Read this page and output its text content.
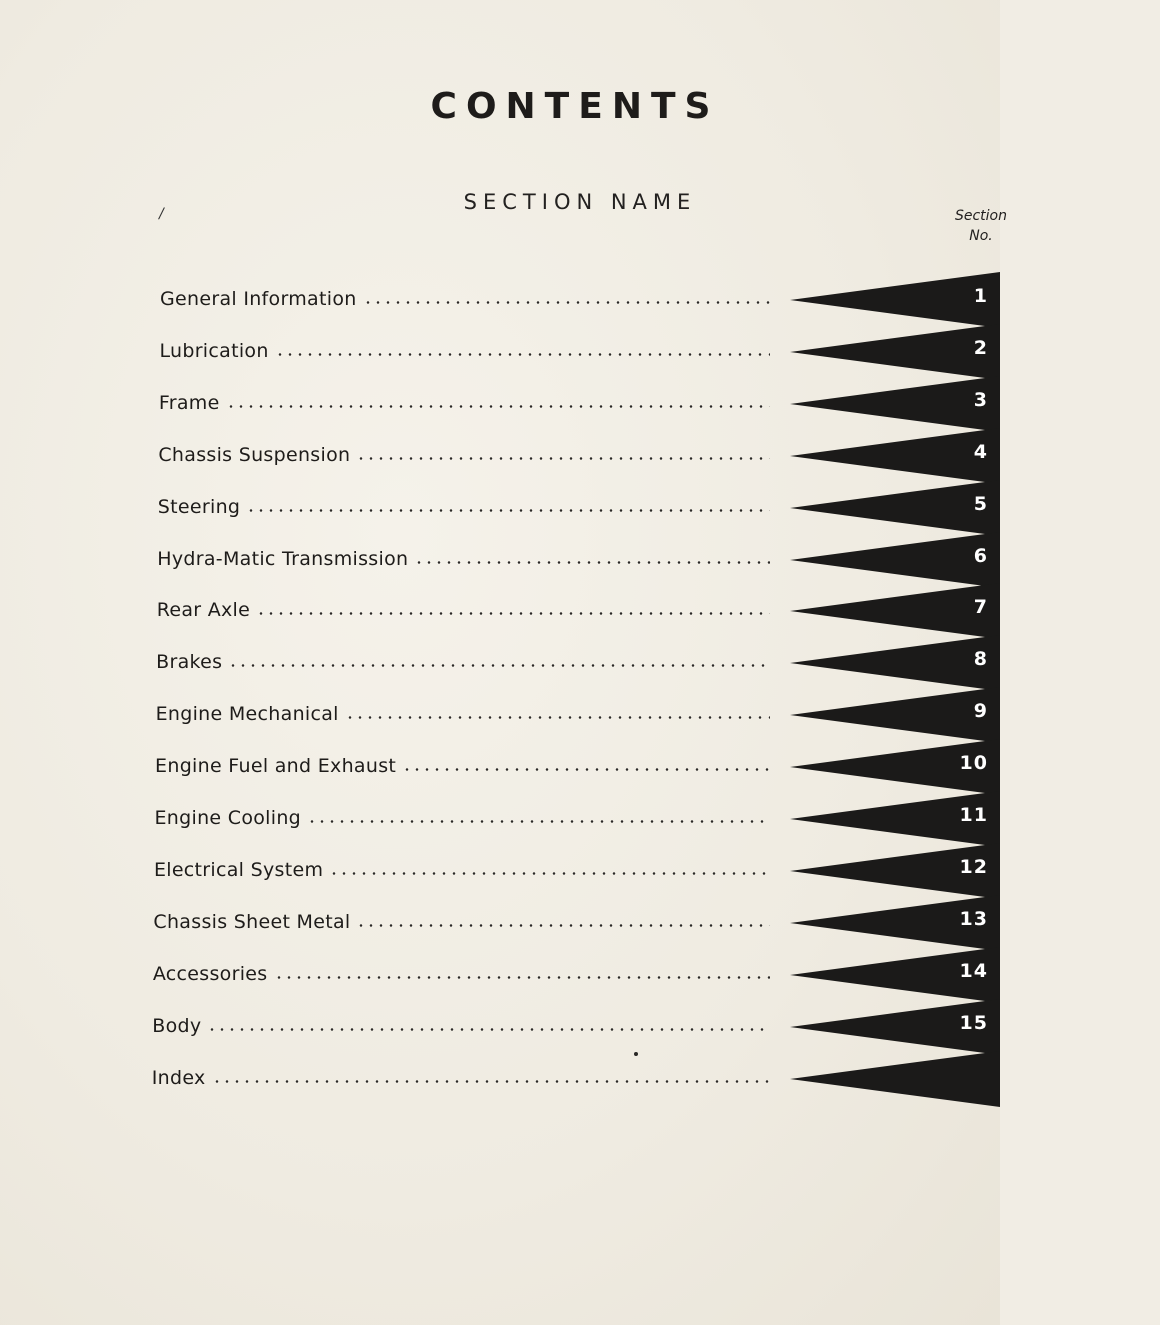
CONTENTS
SECTION NAME
Section
No.
/
General Information	1
Lubrication	2
Frame	3
Chassis Suspension	4
Steering	5
Hydra-Matic Transmission	6
Rear Axle	7
Brakes	8
Engine Mechanical	9
Engine Fuel and Exhaust	10
Engine Cooling	11
Electrical System	12
Chassis Sheet Metal	13
Accessories	14
Body	15
Index
